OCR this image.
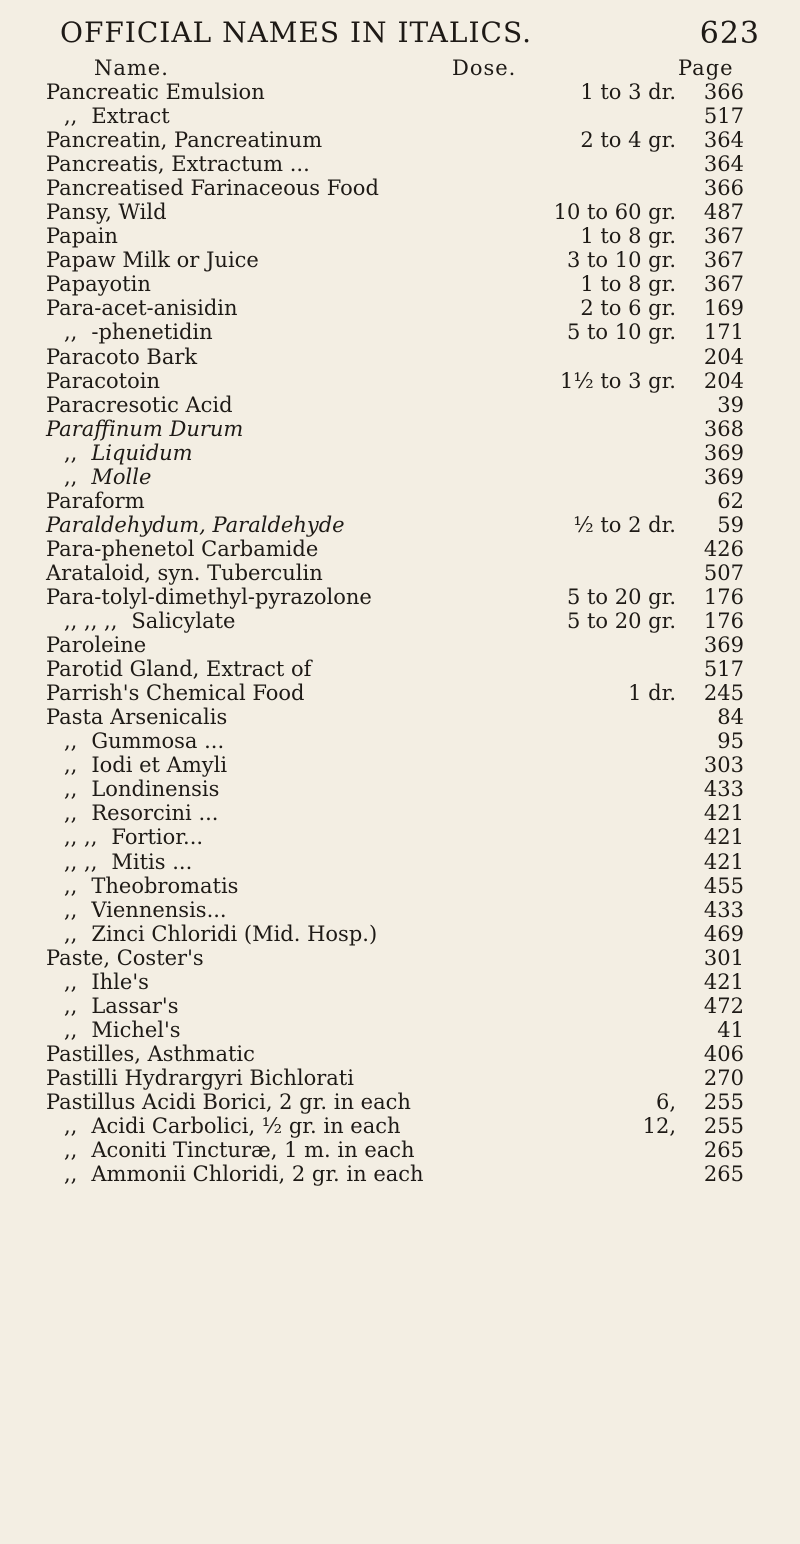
OFFICIAL NAMES IN ITALICS.	623
Name.	Dose.	Page
Pancreatic Emulsion	1 to 3 dr.	366
,, Extract	517
Pancreatin, Pancreatinum	2 to 4 gr.	364
Pancreatis, Extractum ...	364
Pancreatised Farinaceous Food	366
Pansy, Wild	10 to 60 gr.	487
Papain	1 to 8 gr.	367
Papaw Milk or Juice	3 to 10 gr.	367
Papayotin	1 to 8 gr.	367
Para-acet-anisidin	2 to 6 gr.	169
,, -phenetidin	5 to 10 gr.	171
Paracoto Bark	204
Paracotoin	1½ to 3 gr.	204
Paracresotic Acid	39
Paraffinum Durum	368
,, Liquidum	369
,, Molle	369
Paraform	62
Paraldehydum, Paraldehyde	½ to 2 dr.	59
Para-phenetol Carbamide	426
Arataloid, syn. Tuberculin	507
Para-tolyl-dimethyl-pyrazolone	5 to 20 gr.	176
,, ,, ,, Salicylate	5 to 20 gr.	176
Paroleine	369
Parotid Gland, Extract of	517
Parrish's Chemical Food	1 dr.	245
Pasta Arsenicalis	84
,, Gummosa ...	95
,, Iodi et Amyli	303
,, Londinensis	433
,, Resorcini ...	421
,, ,, Fortior...	421
,, ,, Mitis ...	421
,, Theobromatis	455
,, Viennensis...	433
,, Zinci Chloridi (Mid. Hosp.)	469
Paste, Coster's	301
,, Ihle's	421
,, Lassar's	472
,, Michel's	41
Pastilles, Asthmatic	406
Pastilli Hydrargyri Bichlorati	270
Pastillus Acidi Borici, 2 gr. in each	6,	255
,, Acidi Carbolici, ½ gr. in each	12,	255
,, Aconiti Tincturæ, 1 m. in each	265
,, Ammonii Chloridi, 2 gr. in each	265
